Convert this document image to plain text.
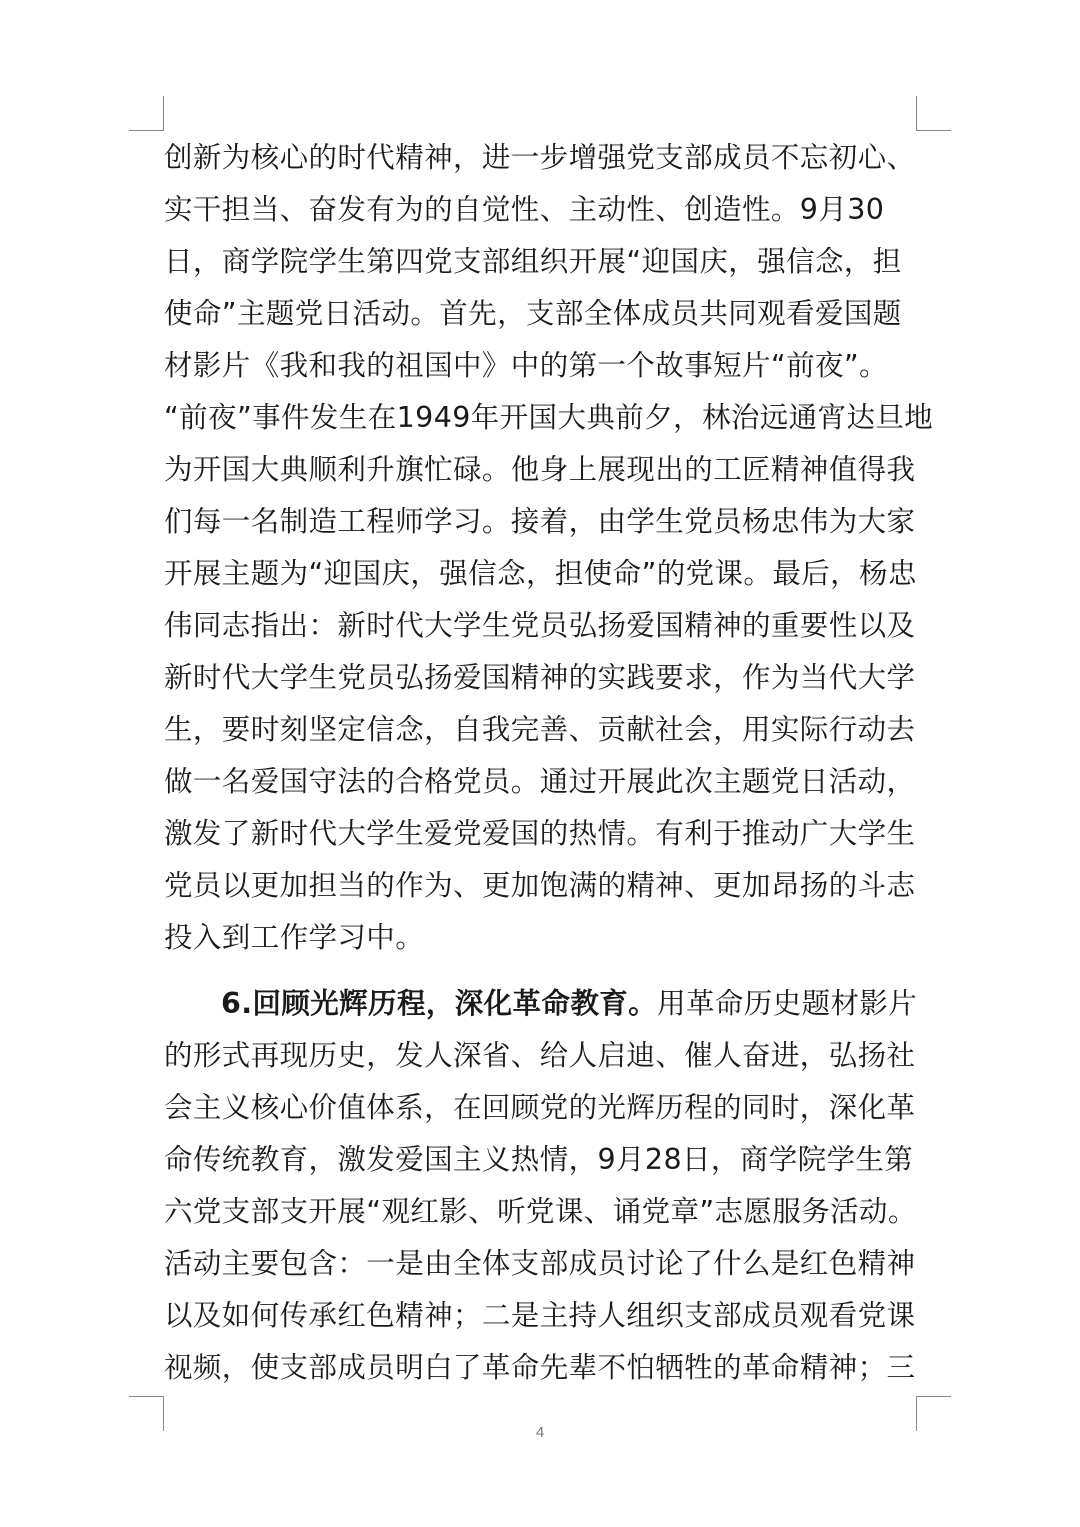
创新为核心的时代精神，进一步增强党支部成员不忘初心、
实干担当、奋发有为的自觉性、主动性、创造性。9月30
日，商学院学生第四党支部组织开展“迎国庆，强信念，担
使命”主题党日活动。首先，支部全体成员共同观看爱国题
材影片《我和我的祖国中》中的第一个故事短片“前夜”。
“前夜”事件发生在1949年开国大典前夕，林治远通宵达旦地
为开国大典顺利升旗忙碌。他身上展现出的工匠精神值得我
们每一名制造工程师学习。接着，由学生党员杨忠伟为大家
开展主题为“迎国庆，强信念，担使命”的党课。最后，杨忠
伟同志指出：新时代大学生党员弘扬爱国精神的重要性以及
新时代大学生党员弘扬爱国精神的实践要求，作为当代大学
生，要时刻坚定信念，自我完善、贡献社会，用实际行动去
做一名爱国守法的合格党员。通过开展此次主题党日活动，
激发了新时代大学生爱党爱国的热情。有利于推动广大学生
党员以更加担当的作为、更加饱满的精神、更加昂扬的斗志
投入到工作学习中。
6.回顾光辉历程，深化革命教育。用革命历史题材影片
的形式再现历史，发人深省、给人启迪、催人奋进，弘扬社
会主义核心价值体系，在回顾党的光辉历程的同时，深化革
命传统教育，激发爱国主义热情，9月28日，商学院学生第
六党支部支开展“观红影、听党课、诵党章”志愿服务活动。
活动主要包含：一是由全体支部成员讨论了什么是红色精神
以及如何传承红色精神；二是主持人组织支部成员观看党课
视频，使支部成员明白了革命先辈不怕牺牲的革命精神；三
4
